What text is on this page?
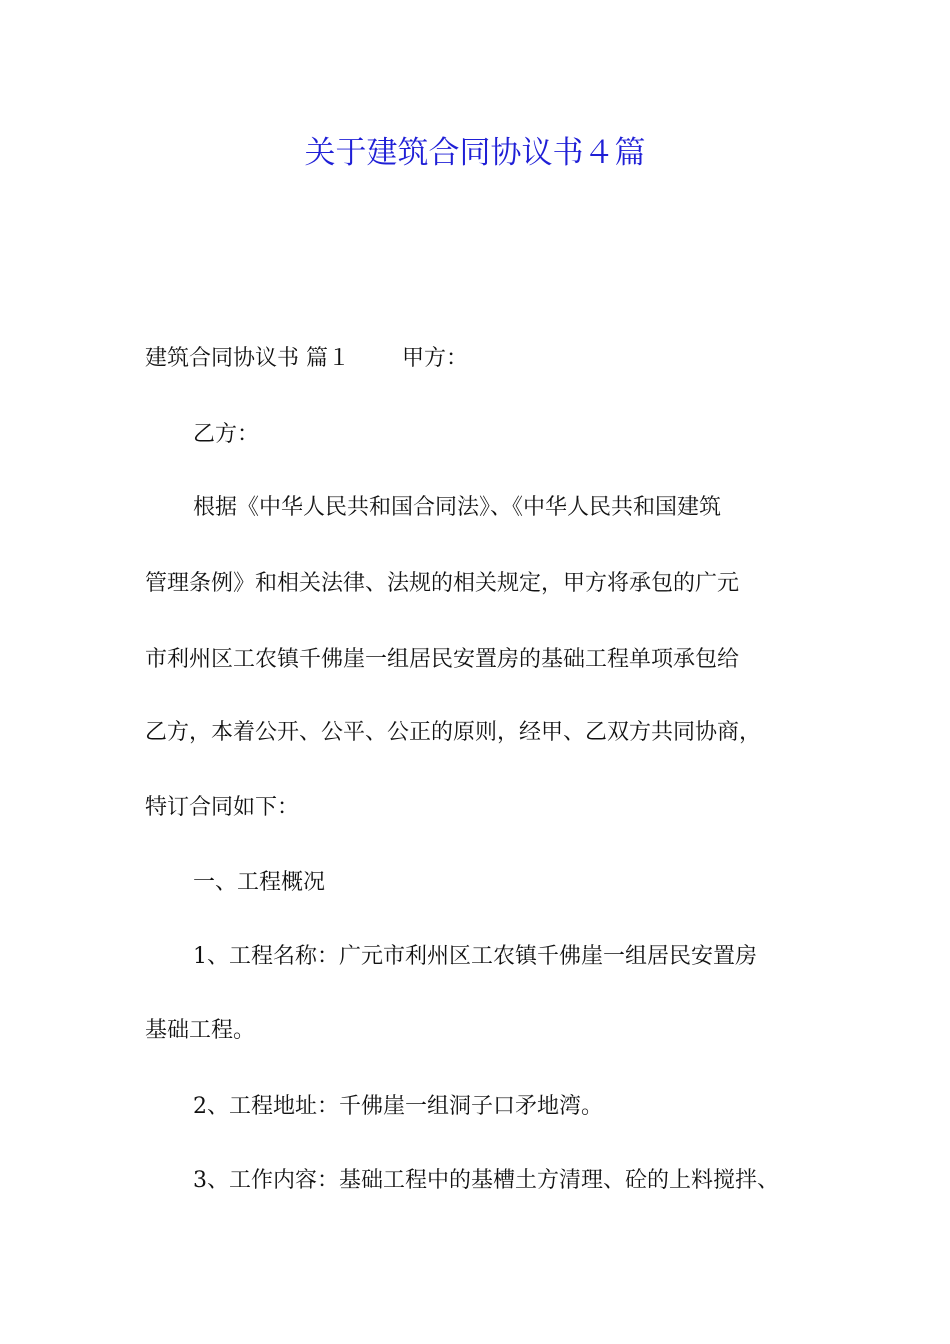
关于建筑合同协议书４篇
建筑合同协议书 篇１ 甲方：
乙方：
根据《中华人民共和国合同法》、《中华人民共和国建筑
管理条例》和相关法律、法规的相关规定，甲方将承包的广元
市利州区工农镇千佛崖一组居民安置房的基础工程单项承包给
乙方，本着公开、公平、公正的原则，经甲、乙双方共同协商，
特订合同如下：
一、工程概况
1、工程名称：广元市利州区工农镇千佛崖一组居民安置房
基础工程。
2、工程地址：千佛崖一组洞子口矛地湾。
3、工作内容：基础工程中的基槽土方清理、砼的上料搅拌、
